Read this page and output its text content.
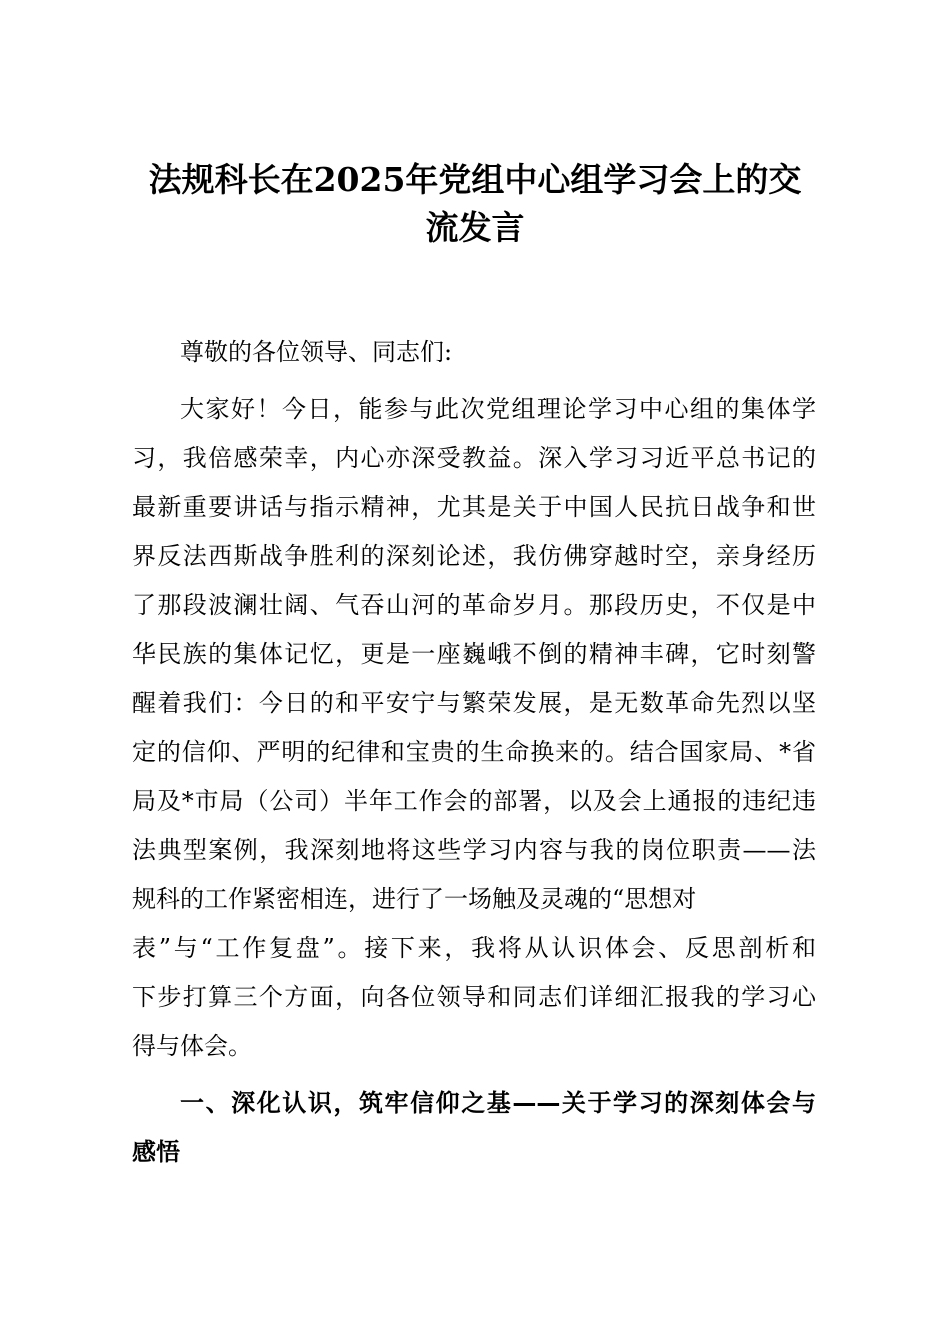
法规科长在2025年党组中心组学习会上的交
流发言
尊敬的各位领导、同志们:
大家好！今日，能参与此次党组理论学习中心组的集体学
习，我倍感荣幸，内心亦深受教益。深入学习习近平总书记的
最新重要讲话与指示精神，尤其是关于中国人民抗日战争和世
界反法西斯战争胜利的深刻论述，我仿佛穿越时空，亲身经历
了那段波澜壮阔、气吞山河的革命岁月。那段历史，不仅是中
华民族的集体记忆，更是一座巍峨不倒的精神丰碑，它时刻警
醒着我们：今日的和平安宁与繁荣发展，是无数革命先烈以坚
定的信仰、严明的纪律和宝贵的生命换来的。结合国家局、*省
局及*市局（公司）半年工作会的部署，以及会上通报的违纪违
法典型案例，我深刻地将这些学习内容与我的岗位职责——法
规科的工作紧密相连，进行了一场触及灵魂的“思想对
表”与“工作复盘”。接下来，我将从认识体会、反思剖析和
下步打算三个方面，向各位领导和同志们详细汇报我的学习心
得与体会。
一、深化认识，筑牢信仰之基——关于学习的深刻体会与
感悟
